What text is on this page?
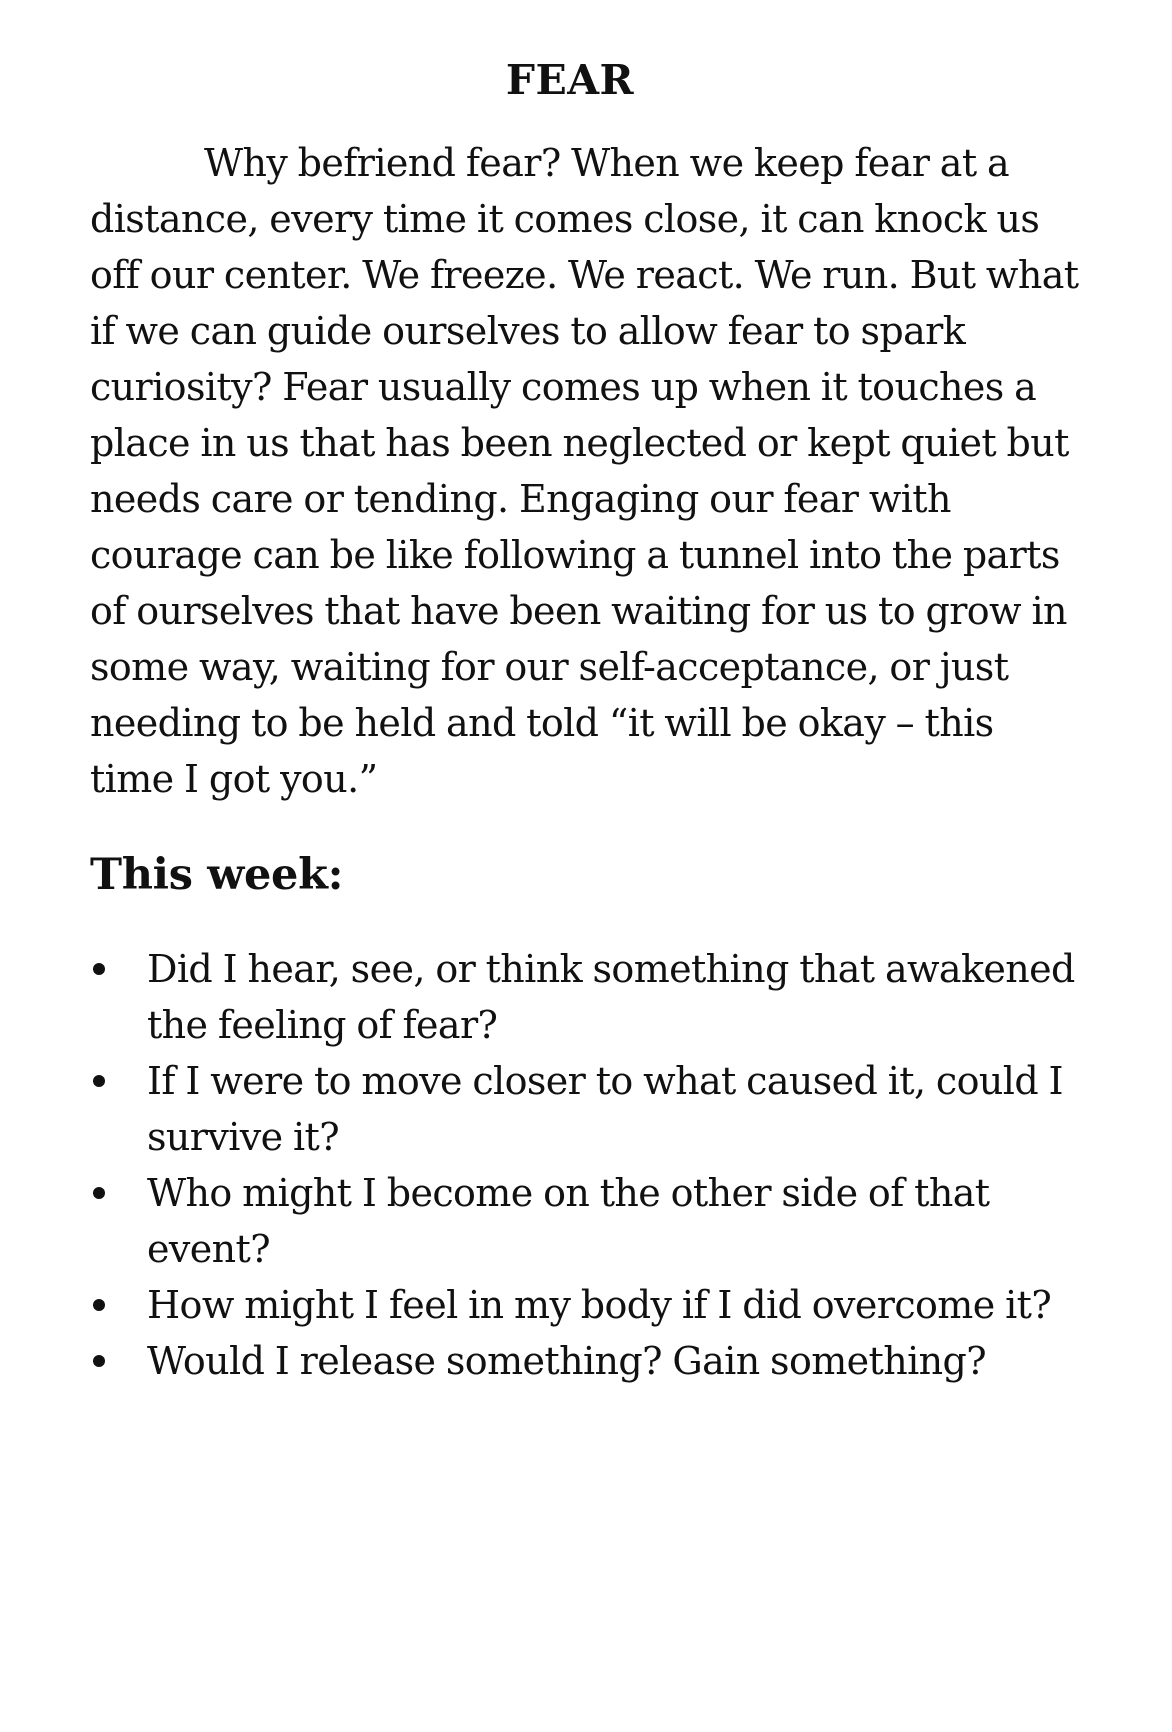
FEAR

Why befriend fear? When we keep fear at a distance, every time it comes close, it can knock us off our center. We freeze. We react. We run. But what if we can guide ourselves to allow fear to spark curiosity? Fear usually comes up when it touches a place in us that has been neglected or kept quiet but needs care or tending. Engaging our fear with courage can be like following a tunnel into the parts of ourselves that have been waiting for us to grow in some way, waiting for our self-acceptance, or just needing to be held and told “it will be okay – this time I got you.”

This week:
Did I hear, see, or think something that awakened the feeling of fear?
If I were to move closer to what caused it, could I survive it?
Who might I become on the other side of that event?
How might I feel in my body if I did overcome it?
Would I release something? Gain something?
